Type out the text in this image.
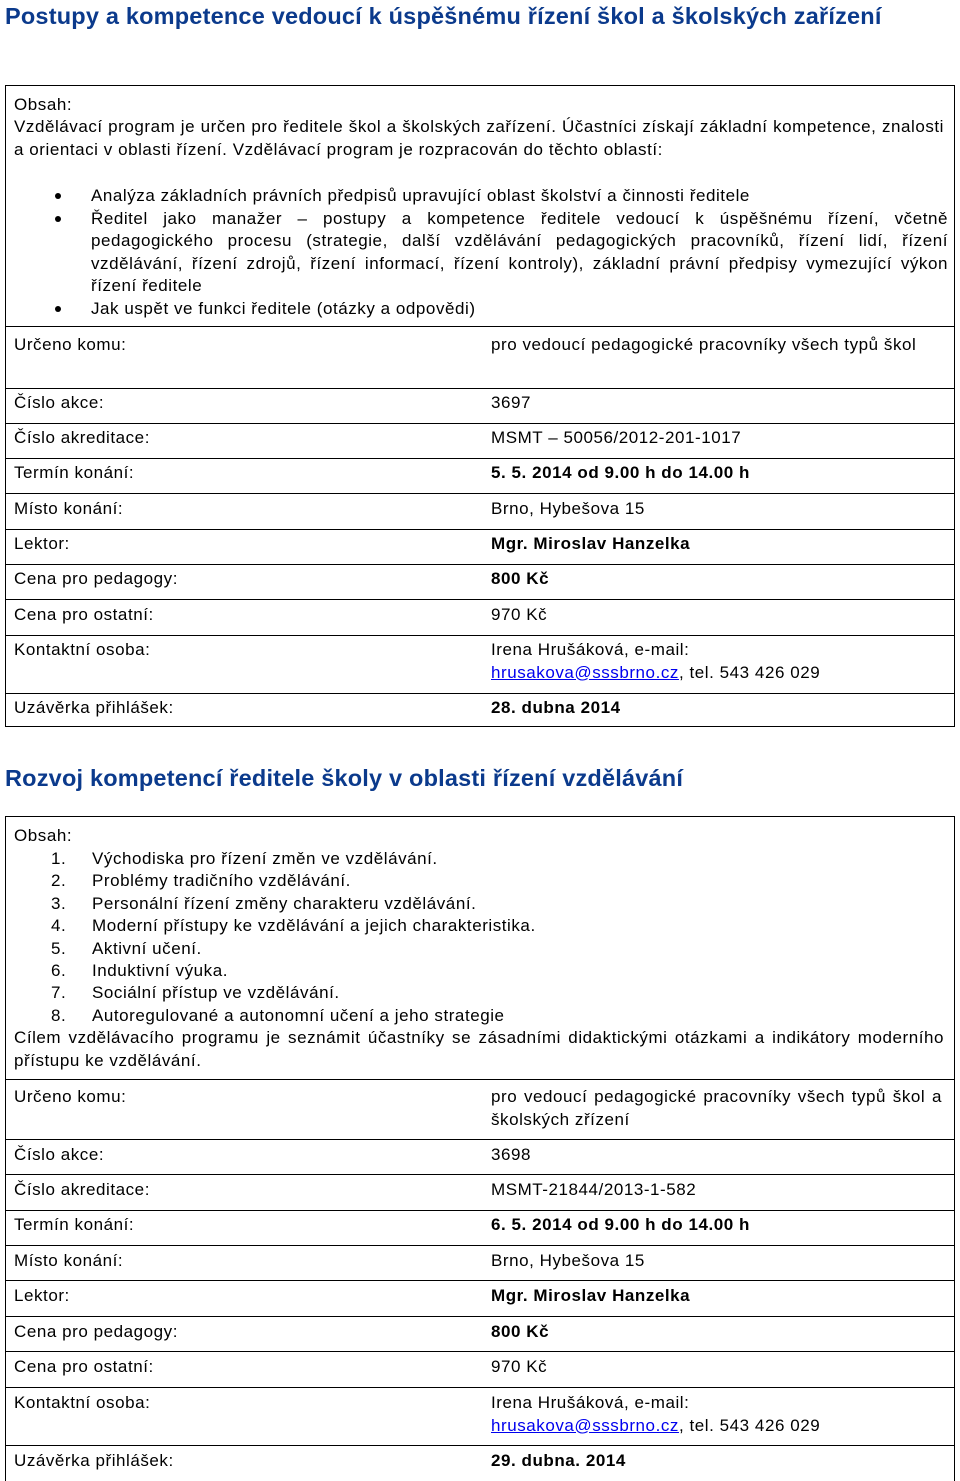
Postupy a kompetence vedoucí k úspěšnému řízení škol a školských zařízení
Obsah:
Vzdělávací program je určen pro ředitele škol a školských zařízení. Účastníci získají základní kompetence, znalosti a orientaci v oblasti řízení. Vzdělávací program je rozpracován do těchto oblastí:
Analýza základních právních předpisů upravující oblast školství a činnosti ředitele
Ředitel jako manažer – postupy a kompetence ředitele vedoucí k úspěšnému řízení, včetně pedagogického procesu (strategie, další vzdělávání pedagogických pracovníků, řízení lidí, řízení vzdělávání, řízení zdrojů, řízení informací, řízení kontroly), základní právní předpisy vymezující výkon řízení ředitele
Jak uspět ve funkci ředitele (otázky a odpovědi)
Určeno komu:	pro vedoucí pedagogické pracovníky všech typů škol
Číslo akce:	3697
Číslo akreditace:	MSMT – 50056/2012-201-1017
Termín konání:	5. 5. 2014 od 9.00 h do 14.00 h
Místo konání:	Brno, Hybešova 15
Lektor:	Mgr. Miroslav Hanzelka
Cena pro pedagogy:	800 Kč
Cena pro ostatní:	970 Kč
Kontaktní osoba:	Irena Hrušáková, e-mail:
hrusakova@sssbrno.cz, tel. 543 426 029
Uzávěrka přihlášek:	28. dubna 2014
Rozvoj kompetencí ředitele školy v oblasti řízení vzdělávání
Obsah:
1. Východiska pro řízení změn ve vzdělávání.
2. Problémy tradičního vzdělávání.
3. Personální řízení změny charakteru vzdělávání.
4. Moderní přístupy ke vzdělávání a jejich charakteristika.
5. Aktivní učení.
6. Induktivní výuka.
7. Sociální přístup ve vzdělávání.
8. Autoregulované a autonomní učení a jeho strategie
Cílem vzdělávacího programu je seznámit účastníky se zásadními didaktickými otázkami a indikátory moderního přístupu ke vzdělávání.
Určeno komu:	pro vedoucí pedagogické pracovníky všech typů škol a školských zřízení
Číslo akce:	3698
Číslo akreditace:	MSMT-21844/2013-1-582
Termín konání:	6. 5. 2014 od 9.00 h do 14.00 h
Místo konání:	Brno, Hybešova 15
Lektor:	Mgr. Miroslav Hanzelka
Cena pro pedagogy:	800 Kč
Cena pro ostatní:	970 Kč
Kontaktní osoba:	Irena Hrušáková, e-mail:
hrusakova@sssbrno.cz, tel. 543 426 029
Uzávěrka přihlášek:	29. dubna. 2014
